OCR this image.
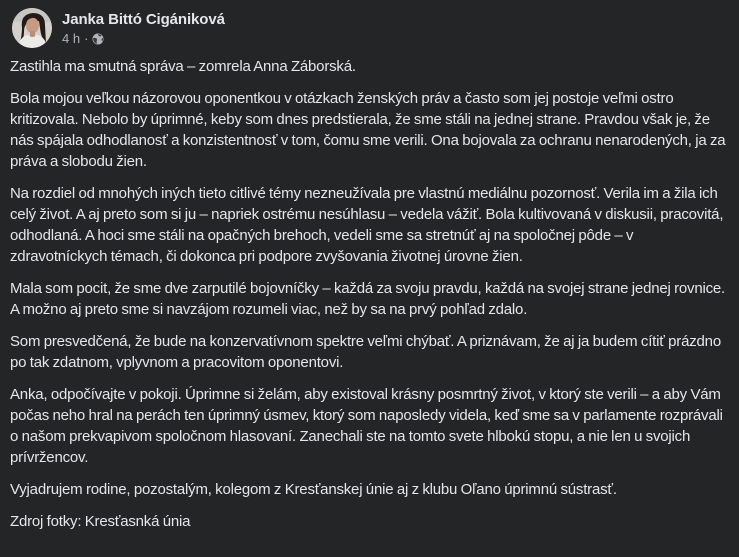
Janka Bittó Cigániková
4 h ·

Zastihla ma smutná správa – zomrela Anna Záborská.

Bola mojou veľkou názorovou oponentkou v otázkach ženských práv a často som jej postoje veľmi ostro kritizovala. Nebolo by úprimné, keby som dnes predstierala, že sme stáli na jednej strane. Pravdou však je, že nás spájala odhodlanosť a konzistentnosť v tom, čomu sme verili. Ona bojovala za ochranu nenarodených, ja za práva a slobodu žien.

Na rozdiel od mnohých iných tieto citlivé témy nezneužívala pre vlastnú mediálnu pozornosť. Verila im a žila ich celý život. A aj preto som si ju – napriek ostrému nesúhlasu – vedela vážiť. Bola kultivovaná v diskusii, pracovitá, odhodlaná. A hoci sme stáli na opačných brehoch, vedeli sme sa stretnúť aj na spoločnej pôde – v zdravotníckych témach, či dokonca pri podpore zvyšovania životnej úrovne žien.

Mala som pocit, že sme dve zarputilé bojovníčky – každá za svoju pravdu, každá na svojej strane jednej rovnice. A možno aj preto sme si navzájom rozumeli viac, než by sa na prvý pohľad zdalo.

Som presvedčená, že bude na konzervatívnom spektre veľmi chýbať. A priznávam, že aj ja budem cítiť prázdno po tak zdatnom, vplyvnom a pracovitom oponentovi.

Anka, odpočívajte v pokoji. Úprimne si želám, aby existoval krásny posmrtný život, v ktorý ste verili – a aby Vám počas neho hral na perách ten úprimný úsmev, ktorý som naposledy videla, keď sme sa v parlamente rozprávali o našom prekvapivom spoločnom hlasovaní. Zanechali ste na tomto svete hlbokú stopu, a nie len u svojich prívržencov.

Vyjadrujem rodine, pozostalým, kolegom z Kresťanskej únie aj z klubu Oľano úprimnú sústrasť.

Zdroj fotky: Kresťasnká únia
